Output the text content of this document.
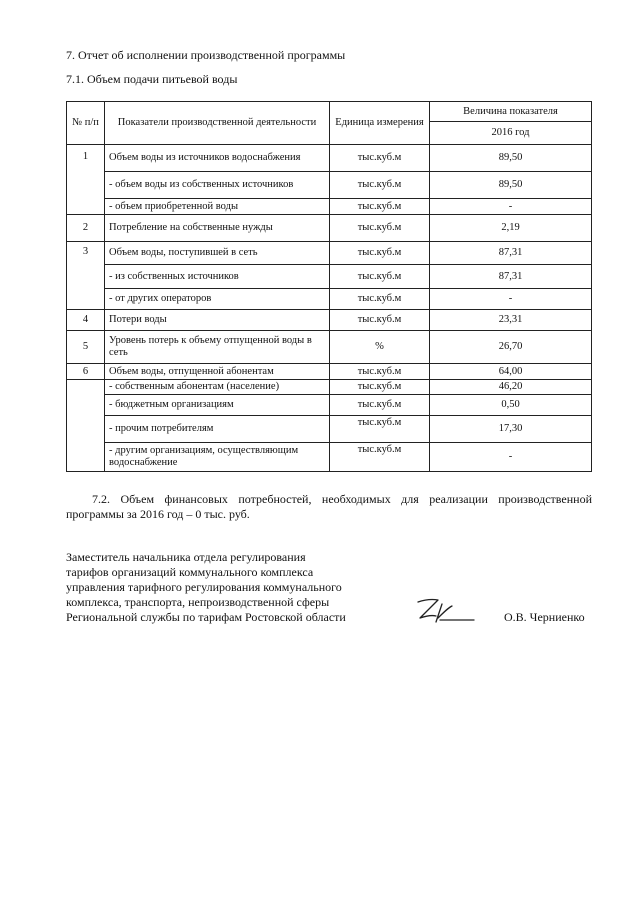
7. Отчет об исполнении производственной программы
7.1. Объем подачи питьевой воды
№ п/п	Показатели производственной деятельности	Единица измерения	Величина показателя
			2016 год
1	Объем воды из источников водоснабжения	тыс.куб.м	89,50
	- объем воды из собственных источников	тыс.куб.м	89,50
	- объем приобретенной воды	тыс.куб.м	-
2	Потребление на собственные нужды	тыс.куб.м	2,19
3	Объем воды, поступившей в сеть	тыс.куб.м	87,31
	- из собственных источников	тыс.куб.м	87,31
	- от других операторов	тыс.куб.м	-
4	Потери воды	тыс.куб.м	23,31
5	Уровень потерь к объему отпущенной воды в сеть	%	26,70
6	Объем воды, отпущенной абонентам	тыс.куб.м	64,00
	- собственным абонентам (население)	тыс.куб.м	46,20
	- бюджетным организациям	тыс.куб.м	0,50
	- прочим потребителям	тыс.куб.м	17,30
	- другим организациям, осуществляющим водоснабжение	тыс.куб.м	-
7.2. Объем финансовых потребностей, необходимых для реализации производственной программы за 2016 год – 0 тыс. руб.
Заместитель начальника отдела регулирования
тарифов организаций коммунального комплекса
управления тарифного регулирования коммунального
комплекса, транспорта, непроизводственной сферы
Региональной службы по тарифам Ростовской области	О.В. Черниенко
